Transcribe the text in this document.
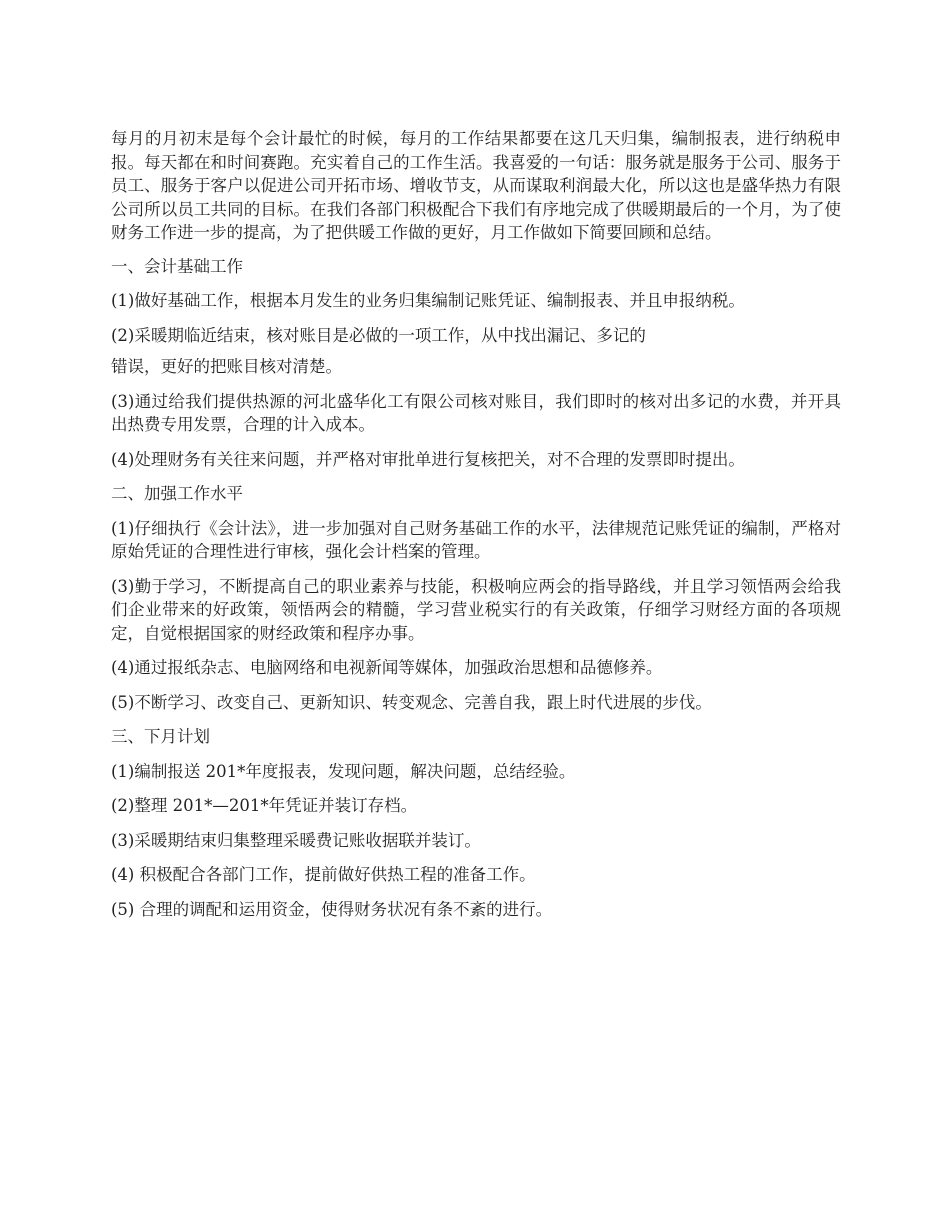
每月的月初末是每个会计最忙的时候，每月的工作结果都要在这几天归集，编制报表，进行纳税申报。每天都在和时间赛跑。充实着自己的工作生活。我喜爱的一句话：服务就是服务于公司、服务于员工、服务于客户以促进公司开拓市场、增收节支，从而谋取利润最大化，所以这也是盛华热力有限公司所以员工共同的目标。在我们各部门积极配合下我们有序地完成了供暖期最后的一个月，为了使财务工作进一步的提高，为了把供暖工作做的更好，月工作做如下简要回顾和总结。

一、会计基础工作

(1)做好基础工作，根据本月发生的业务归集编制记账凭证、编制报表、并且申报纳税。

(2)采暖期临近结束，核对账目是必做的一项工作，从中找出漏记、多记的

错误，更好的把账目核对清楚。

(3)通过给我们提供热源的河北盛华化工有限公司核对账目，我们即时的核对出多记的水费，并开具出热费专用发票，合理的计入成本。

(4)处理财务有关往来问题，并严格对审批单进行复核把关，对不合理的发票即时提出。

二、加强工作水平

(1)仔细执行《会计法》，进一步加强对自己财务基础工作的水平，法律规范记账凭证的编制，严格对原始凭证的合理性进行审核，强化会计档案的管理。

(3)勤于学习，不断提高自己的职业素养与技能，积极响应两会的指导路线，并且学习领悟两会给我们企业带来的好政策，领悟两会的精髓，学习营业税实行的有关政策，仔细学习财经方面的各项规定，自觉根据国家的财经政策和程序办事。

(4)通过报纸杂志、电脑网络和电视新闻等媒体，加强政治思想和品德修养。

(5)不断学习、改变自己、更新知识、转变观念、完善自我，跟上时代进展的步伐。

三、下月计划

(1)编制报送 201*年度报表，发现问题，解决问题，总结经验。

(2)整理 201*—201*年凭证并装订存档。

(3)采暖期结束归集整理采暖费记账收据联并装订。

(4) 积极配合各部门工作，提前做好供热工程的准备工作。

(5) 合理的调配和运用资金，使得财务状况有条不紊的进行。
